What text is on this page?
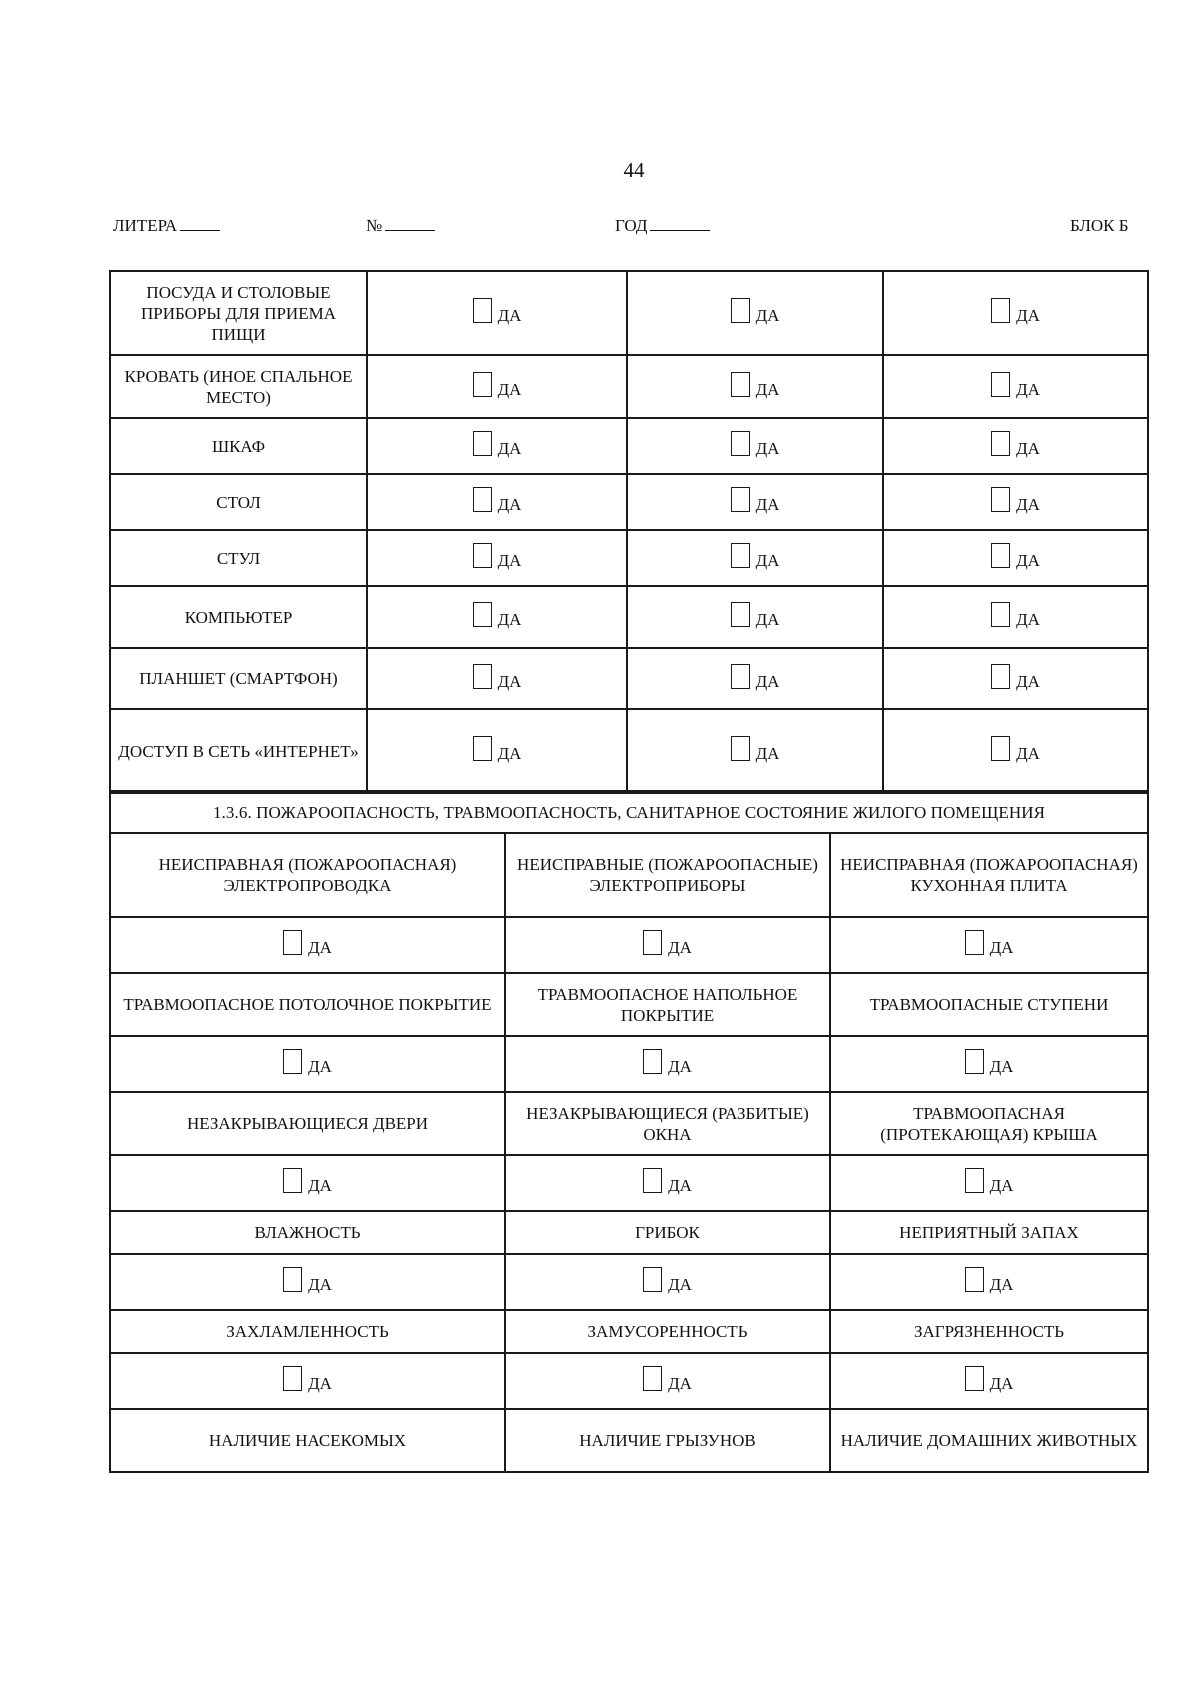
44
ЛИТЕРА	№	ГОД	БЛОК Б
ПОСУДА И СТОЛОВЫЕ ПРИБОРЫ ДЛЯ ПРИЕМА ПИЩИ	ДА	ДА	ДА

КРОВАТЬ (ИНОЕ СПАЛЬНОЕ МЕСТО)	ДА	ДА	ДА

ШКАФ	ДА	ДА	ДА

СТОЛ	ДА	ДА	ДА

СТУЛ	ДА	ДА	ДА

КОМПЬЮТЕР	ДА	ДА	ДА

ПЛАНШЕТ (СМАРТФОН)	ДА	ДА	ДА

ДОСТУП В СЕТЬ «ИНТЕРНЕТ»	ДА	ДА	ДА
1.3.6. ПОЖАРООПАСНОСТЬ, ТРАВМООПАСНОСТЬ, САНИТАРНОЕ СОСТОЯНИЕ ЖИЛОГО ПОМЕЩЕНИЯ		
НЕИСПРАВНАЯ (ПОЖАРООПАСНАЯ) ЭЛЕКТРОПРОВОДКА	НЕИСПРАВНЫЕ (ПОЖАРООПАСНЫЕ) ЭЛЕКТРОПРИБОРЫ	НЕИСПРАВНАЯ (ПОЖАРООПАСНАЯ) КУХОННАЯ ПЛИТА

ДА	ДА	ДА

ТРАВМООПАСНОЕ ПОТОЛОЧНОЕ ПОКРЫТИЕ	ТРАВМООПАСНОЕ НАПОЛЬНОЕ ПОКРЫТИЕ	ТРАВМООПАСНЫЕ СТУПЕНИ

ДА	ДА	ДА

НЕЗАКРЫВАЮЩИЕСЯ ДВЕРИ	НЕЗАКРЫВАЮЩИЕСЯ (РАЗБИТЫЕ) ОКНА	ТРАВМООПАСНАЯ (ПРОТЕКАЮЩАЯ) КРЫША

ДА	ДА	ДА

ВЛАЖНОСТЬ	ГРИБОК	НЕПРИЯТНЫЙ ЗАПАХ

ДА	ДА	ДА

ЗАХЛАМЛЕННОСТЬ	ЗАМУСОРЕННОСТЬ	ЗАГРЯЗНЕННОСТЬ

ДА	ДА	ДА

НАЛИЧИЕ НАСЕКОМЫХ	НАЛИЧИЕ ГРЫЗУНОВ	НАЛИЧИЕ ДОМАШНИХ ЖИВОТНЫХ
